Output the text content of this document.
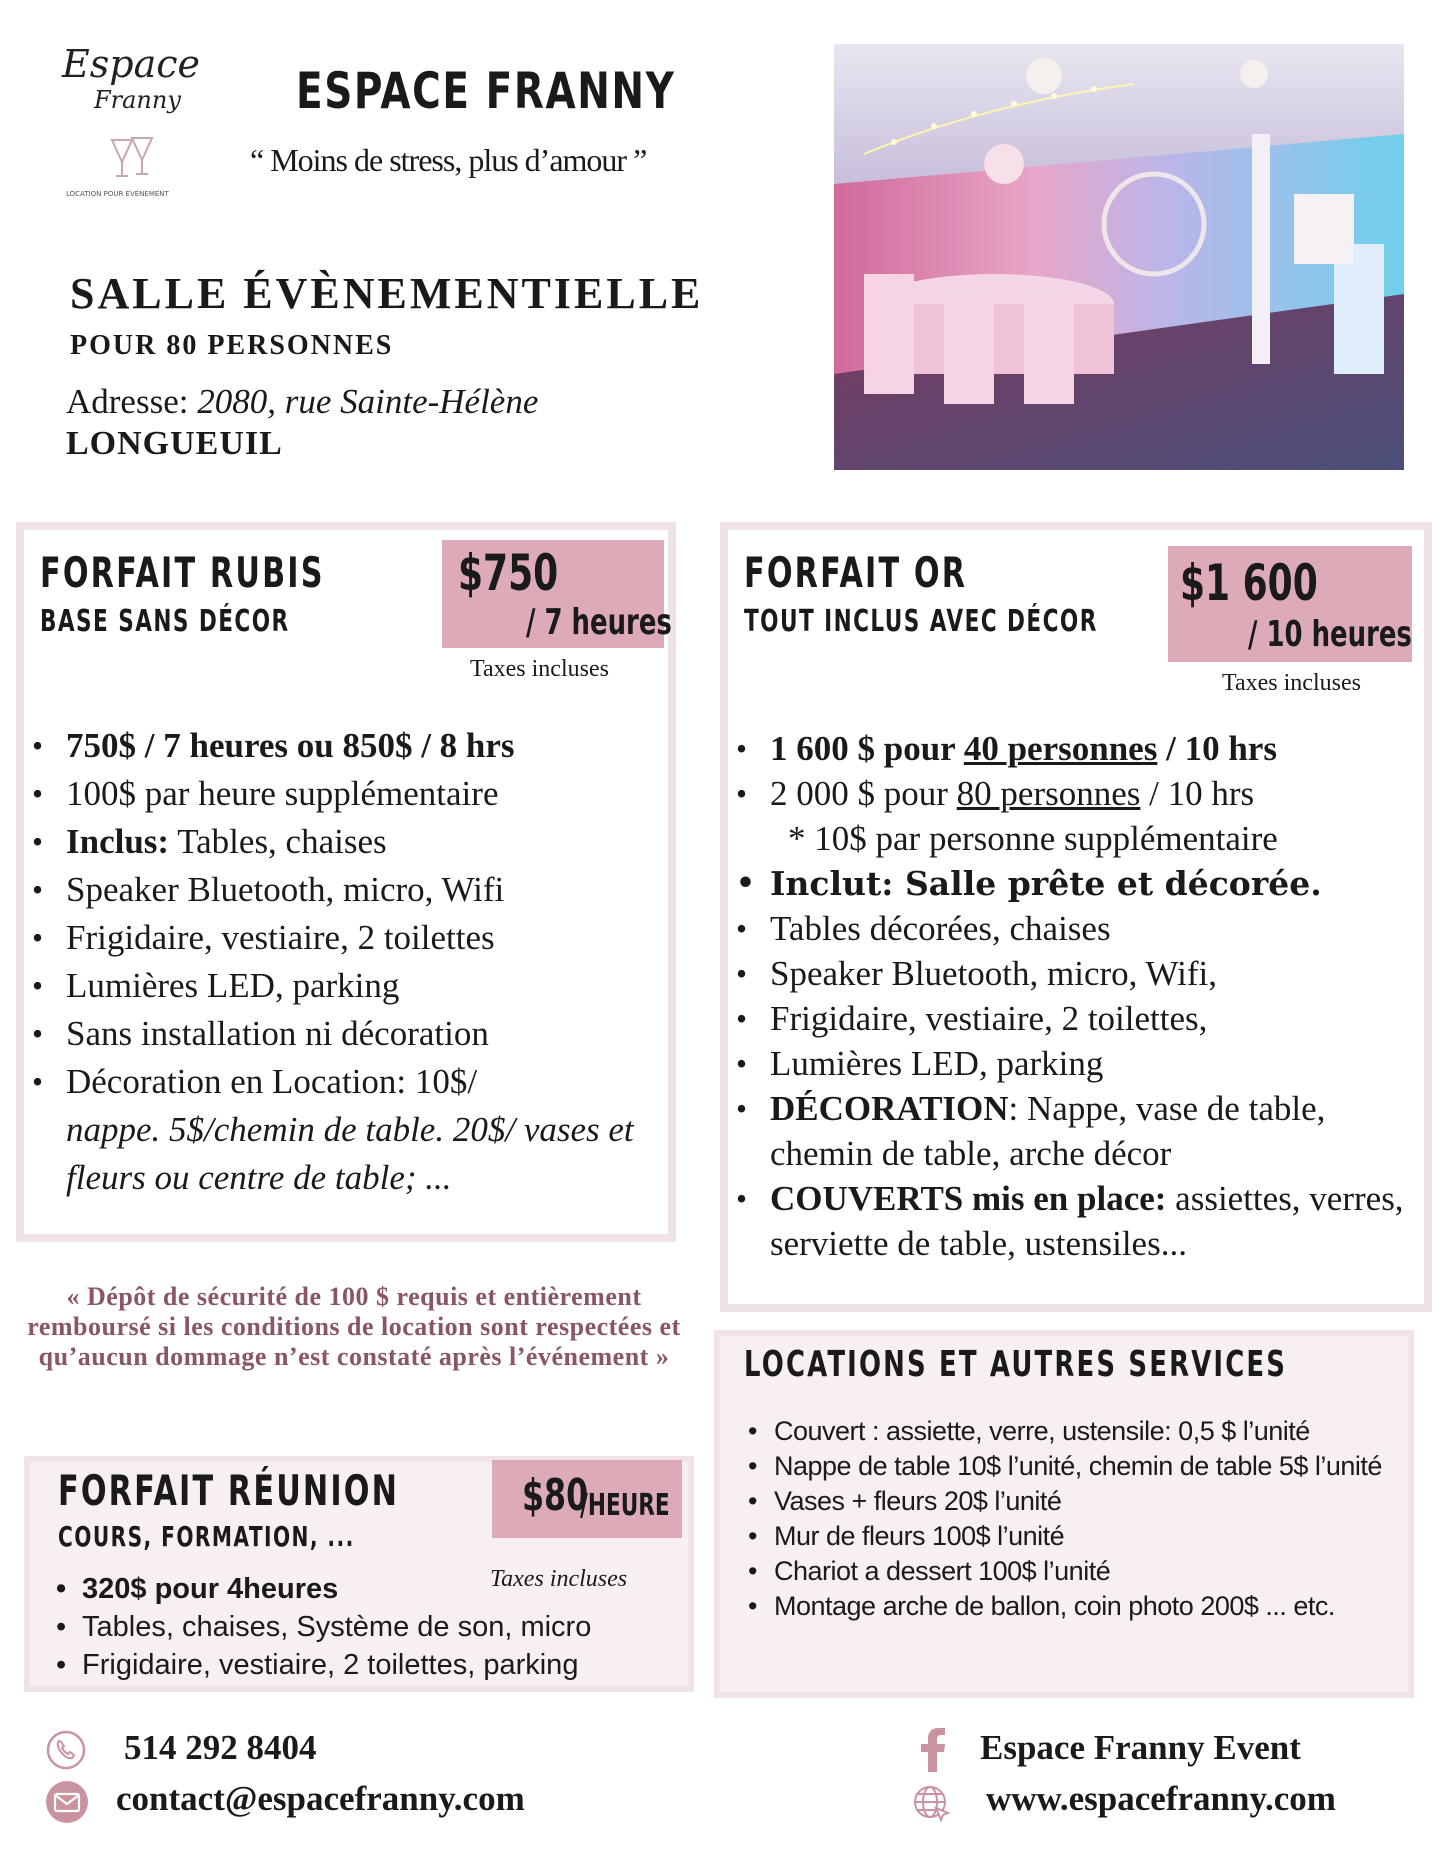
Espace
Franny
LOCATION POUR ÉVÉNEMENT
ESPACE FRANNY
“ Moins de stress, plus d’amour ”
SALLE ÉVÈNEMENTIELLE
POUR 80 PERSONNES
Adresse: 2080, rue Sainte-Hélène
LONGUEUIL
FORFAIT RUBIS
BASE SANS DÉCOR
$750
/ 7 heures
Taxes incluses
• 750$ / 7 heures ou 850$ / 8 hrs
• 100$ par heure supplémentaire
• Inclus: Tables, chaises
• Speaker Bluetooth, micro, Wifi
• Frigidaire, vestiaire, 2 toilettes
• Lumières LED, parking
• Sans installation ni décoration
• Décoration en Location: 10$/
nappe. 5$/chemin de table. 20$/ vases et fleurs ou centre de table; ...
FORFAIT OR
TOUT INCLUS AVEC DÉCOR
$1 600
/ 10 heures
Taxes incluses
• 1 600 $ pour 40 personnes / 10 hrs
• 2 000 $ pour 80 personnes / 10 hrs
* 10$ par personne supplémentaire
• Inclut: Salle prête et décorée.
• Tables décorées, chaises
• Speaker Bluetooth, micro, Wifi,
• Frigidaire, vestiaire, 2 toilettes,
• Lumières LED, parking
• DÉCORATION: Nappe, vase de table, chemin de table, arche décor
• COUVERTS mis en place: assiettes, verres, serviette de table, ustensiles...
« Dépôt de sécurité de 100 $ requis et entièrement remboursé si les conditions de location sont respectées et qu’aucun dommage n’est constaté après l’événement »
FORFAIT RÉUNION
COURS, FORMATION, ...
$80
/HEURE
Taxes incluses
• 320$ pour 4heures
• Tables, chaises, Système de son, micro
• Frigidaire, vestiaire, 2 toilettes, parking
LOCATIONS ET AUTRES SERVICES
• Couvert : assiette, verre, ustensile: 0,5 $ l’unité
• Nappe de table 10$ l’unité, chemin de table 5$ l’unité
• Vases + fleurs 20$ l’unité
• Mur de fleurs 100$ l’unité
• Chariot a dessert 100$ l’unité
• Montage arche de ballon, coin photo 200$ ... etc.
514 292 8404
contact@espacefranny.com
Espace Franny Event
www.espacefranny.com
